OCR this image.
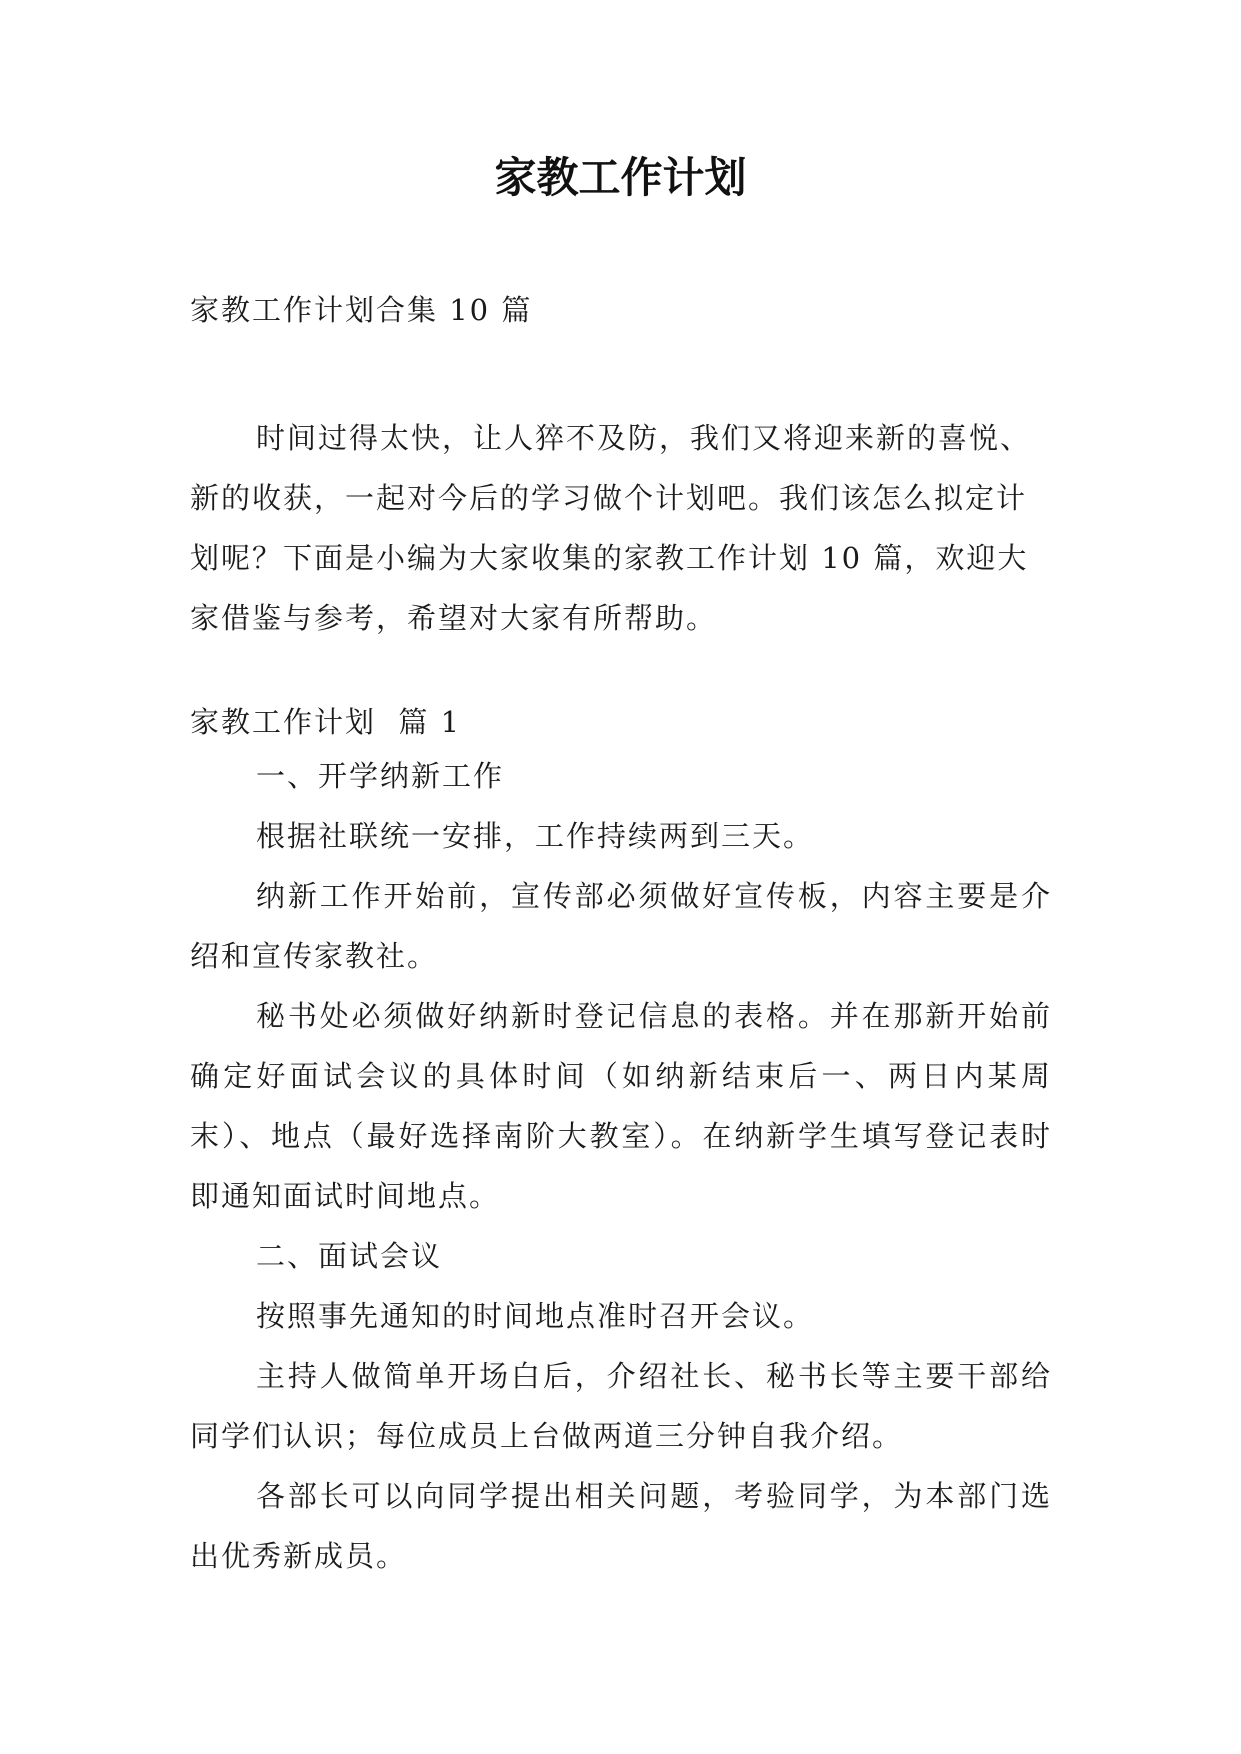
家教工作计划

家教工作计划合集 10 篇

时间过得太快，让人猝不及防，我们又将迎来新的喜悦、新的收获，一起对今后的学习做个计划吧。我们该怎么拟定计划呢？下面是小编为大家收集的家教工作计划 10 篇，欢迎大家借鉴与参考，希望对大家有所帮助。

家教工作计划  篇 1

一、开学纳新工作

根据社联统一安排，工作持续两到三天。

纳新工作开始前，宣传部必须做好宣传板，内容主要是介绍和宣传家教社。

秘书处必须做好纳新时登记信息的表格。并在那新开始前确定好面试会议的具体时间（如纳新结束后一、两日内某周末）、地点（最好选择南阶大教室）。在纳新学生填写登记表时即通知面试时间地点。

二、面试会议

按照事先通知的时间地点准时召开会议。

主持人做简单开场白后，介绍社长、秘书长等主要干部给同学们认识；每位成员上台做两道三分钟自我介绍。

各部长可以向同学提出相关问题，考验同学，为本部门选出优秀新成员。
